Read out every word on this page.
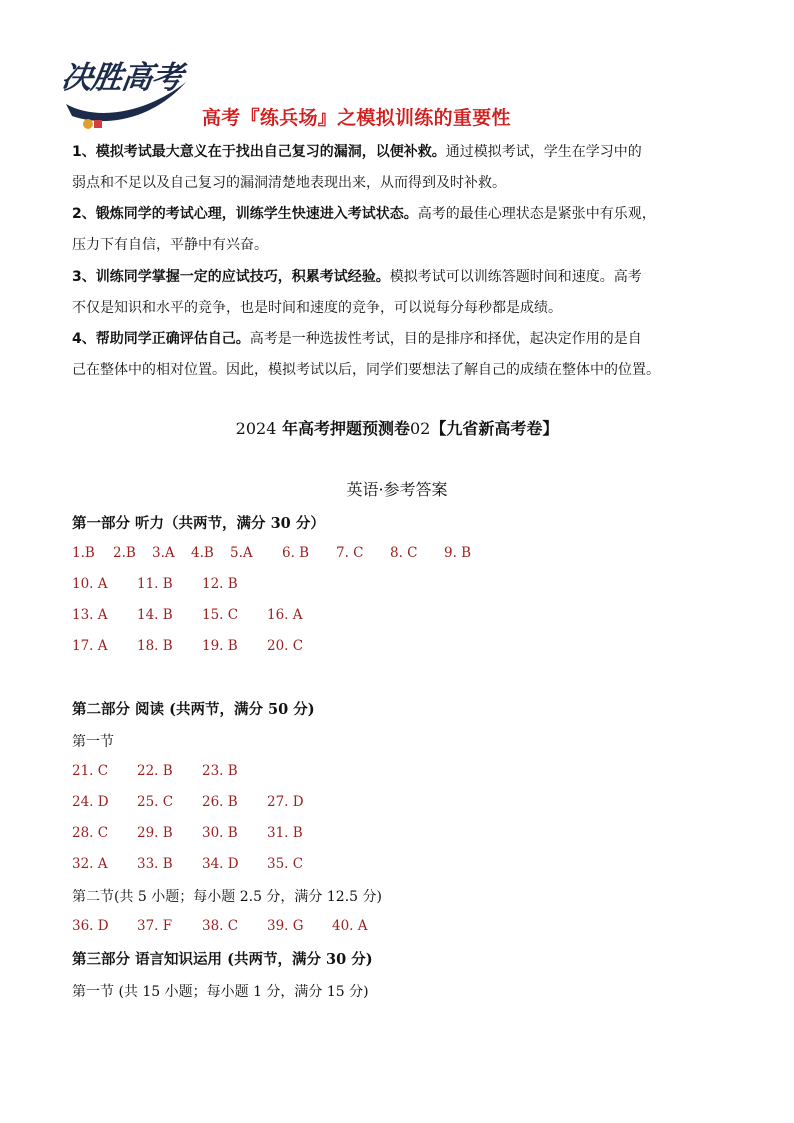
决胜高考
高考『练兵场』之模拟训练的重要性
1、模拟考试最大意义在于找出自己复习的漏洞，以便补救。通过模拟考试，学生在学习中的
弱点和不足以及自己复习的漏洞清楚地表现出来，从而得到及时补救。
2、锻炼同学的考试心理，训练学生快速进入考试状态。高考的最佳心理状态是紧张中有乐观，
压力下有自信，平静中有兴奋。
3、训练同学掌握一定的应试技巧，积累考试经验。模拟考试可以训练答题时间和速度。高考
不仅是知识和水平的竞争，也是时间和速度的竞争，可以说每分每秒都是成绩。
4、帮助同学正确评估自己。高考是一种选拔性考试，目的是排序和择优，起决定作用的是自
己在整体中的相对位置。因此，模拟考试以后，同学们要想法了解自己的成绩在整体中的位置。
2024 年高考押题预测卷02【九省新高考卷】
英语·参考答案
第一部分 听力（共两节，满分 30 分）
1.B 2.B 3.A 4.B 5.A 6. B 7. C 8. C 9. B
10. A 11. B 12. B
13. A 14. B 15. C 16. A
17. A 18. B 19. B 20. C
第二部分 阅读 (共两节，满分 50 分)
第一节
21. C 22. B 23. B
24. D 25. C 26. B 27. D
28. C 29. B 30. B 31. B
32. A 33. B 34. D 35. C
第二节(共 5 小题；每小题 2.5 分，满分 12.5 分)
36. D 37. F 38. C 39. G 40. A
第三部分 语言知识运用 (共两节，满分 30 分)
第一节 (共 15 小题；每小题 1 分，满分 15 分)
